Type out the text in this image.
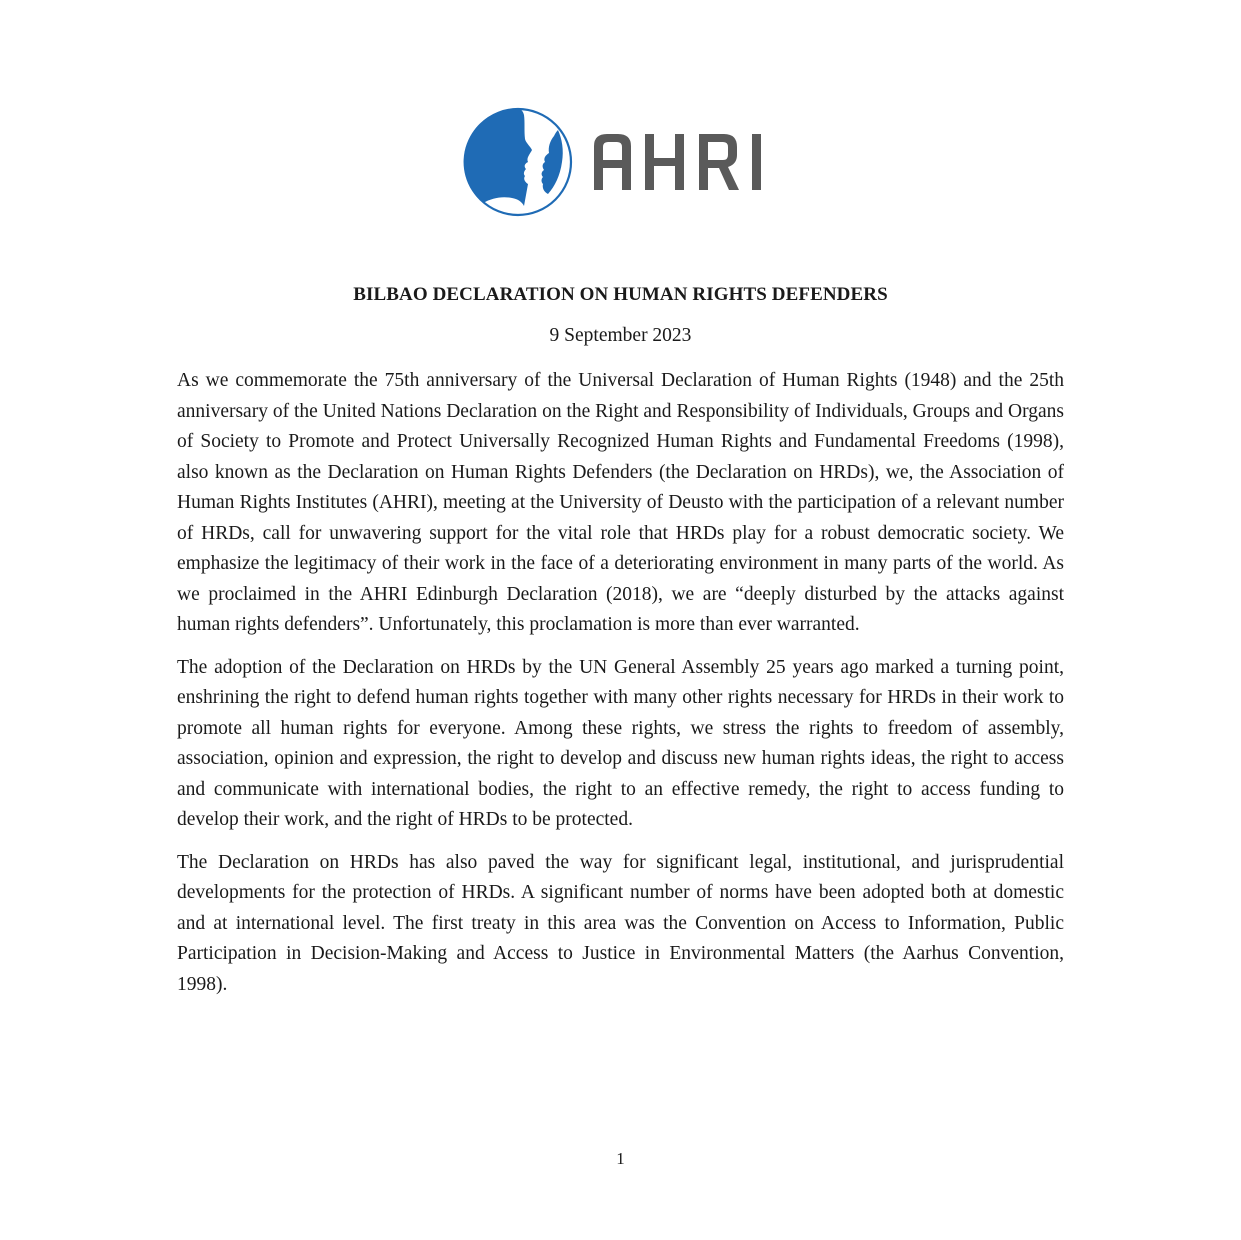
BILBAO DECLARATION ON HUMAN RIGHTS DEFENDERS
9 September 2023

As we commemorate the 75th anniversary of the Universal Declaration of Human Rights (1948) and the 25th anniversary of the United Nations Declaration on the Right and Responsibility of Individuals, Groups and Organs of Society to Promote and Protect Universally Recognized Human Rights and Fundamental Freedoms (1998), also known as the Declaration on Human Rights Defenders (the Declaration on HRDs), we, the Association of Human Rights Institutes (AHRI), meeting at the University of Deusto with the participation of a relevant number of HRDs, call for unwavering support for the vital role that HRDs play for a robust democratic society. We emphasize the legitimacy of their work in the face of a deteriorating environment in many parts of the world. As we proclaimed in the AHRI Edinburgh Declaration (2018), we are “deeply disturbed by the attacks against human rights defenders”. Unfortunately, this proclamation is more than ever warranted.

The adoption of the Declaration on HRDs by the UN General Assembly 25 years ago marked a turning point, enshrining the right to defend human rights together with many other rights necessary for HRDs in their work to promote all human rights for everyone. Among these rights, we stress the rights to freedom of assembly, association, opinion and expression, the right to develop and discuss new human rights ideas, the right to access and communicate with international bodies, the right to an effective remedy, the right to access funding to develop their work, and the right of HRDs to be protected.

The Declaration on HRDs has also paved the way for significant legal, institutional, and jurisprudential developments for the protection of HRDs. A significant number of norms have been adopted both at domestic and at international level. The first treaty in this area was the Convention on Access to Information, Public Participation in Decision-Making and Access to Justice in Environmental Matters (the Aarhus Convention, 1998).

1
